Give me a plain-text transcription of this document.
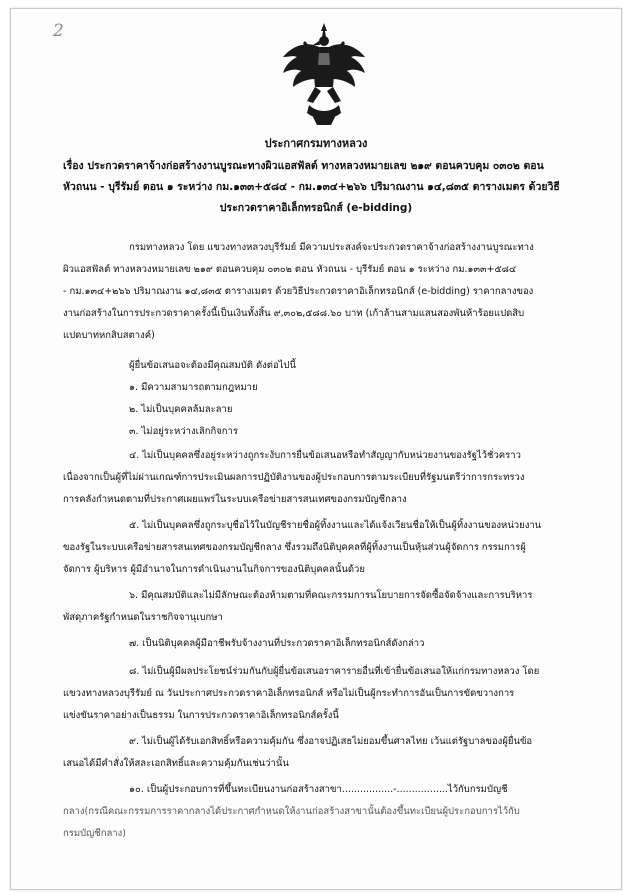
2
ประกาศกรมทางหลวง
เรื่อง ประกวดราคาจ้างก่อสร้างงานบูรณะทางผิวแอสฟัลต์ ทางหลวงหมายเลข ๒๑๙ ตอนควบคุม ๐๓๐๒ ตอน
หัวถนน - บุรีรัมย์ ตอน ๑ ระหว่าง กม.๑๓๓+๕๘๔ - กม.๑๓๔+๒๖๖ ปริมาณงาน ๑๔,๘๓๕ ตารางเมตร ด้วยวิธี
ประกวดราคาอิเล็กทรอนิกส์ (e-bidding)
กรมทางหลวง โดย แขวงทางหลวงบุรีรัมย์ มีความประสงค์จะประกวดราคาจ้างก่อสร้างงานบูรณะทาง
ผิวแอสฟัลต์ ทางหลวงหมายเลข ๒๑๙ ตอนควบคุม ๐๓๐๒ ตอน หัวถนน - บุรีรัมย์ ตอน ๑ ระหว่าง กม.๑๓๓+๕๘๔
- กม.๑๓๔+๒๖๖ ปริมาณงาน ๑๔,๘๓๕ ตารางเมตร ด้วยวิธีประกวดราคาอิเล็กทรอนิกส์ (e-bidding) ราคากลางของ
งานก่อสร้างในการประกวดราคาครั้งนี้เป็นเงินทั้งสิ้น ๙,๓๐๒,๕๘๘.๖๐ บาท (เก้าล้านสามแสนสองพันห้าร้อยแปดสิบ
แปดบาทหกสิบสตางค์)
ผู้ยื่นข้อเสนอจะต้องมีคุณสมบัติ ดังต่อไปนี้
๑. มีความสามารถตามกฎหมาย
๒. ไม่เป็นบุคคลล้มละลาย
๓. ไม่อยู่ระหว่างเลิกกิจการ
๔. ไม่เป็นบุคคลซึ่งอยู่ระหว่างถูกระงับการยื่นข้อเสนอหรือทำสัญญากับหน่วยงานของรัฐไว้ชั่วคราว
เนื่องจากเป็นผู้ที่ไม่ผ่านเกณฑ์การประเมินผลการปฏิบัติงานของผู้ประกอบการตามระเบียบที่รัฐมนตรีว่าการกระทรวง
การคลังกำหนดตามที่ประกาศเผยแพร่ในระบบเครือข่ายสารสนเทศของกรมบัญชีกลาง
๕. ไม่เป็นบุคคลซึ่งถูกระบุชื่อไว้ในบัญชีรายชื่อผู้ทิ้งงานและได้แจ้งเวียนชื่อให้เป็นผู้ทิ้งงานของหน่วยงาน
ของรัฐในระบบเครือข่ายสารสนเทศของกรมบัญชีกลาง ซึ่งรวมถึงนิติบุคคลที่ผู้ทิ้งงานเป็นหุ้นส่วนผู้จัดการ กรรมการผู้
จัดการ ผู้บริหาร ผู้มีอำนาจในการดำเนินงานในกิจการของนิติบุคคลนั้นด้วย
๖. มีคุณสมบัติและไม่มีลักษณะต้องห้ามตามที่คณะกรรมการนโยบายการจัดซื้อจัดจ้างและการบริหาร
พัสดุภาครัฐกำหนดในราชกิจจานุเบกษา
๗. เป็นนิติบุคคลผู้มีอาชีพรับจ้างงานที่ประกวดราคาอิเล็กทรอนิกส์ดังกล่าว
๘. ไม่เป็นผู้มีผลประโยชน์ร่วมกันกับผู้ยื่นข้อเสนอราคารายอื่นที่เข้ายื่นข้อเสนอให้แก่กรมทางหลวง โดย
แขวงทางหลวงบุรีรัมย์ ณ วันประกาศประกวดราคาอิเล็กทรอนิกส์ หรือไม่เป็นผู้กระทำการอันเป็นการขัดขวางการ
แข่งขันราคาอย่างเป็นธรรม ในการประกวดราคาอิเล็กทรอนิกส์ครั้งนี้
๙. ไม่เป็นผู้ได้รับเอกสิทธิ์หรือความคุ้มกัน ซึ่งอาจปฏิเสธไม่ยอมขึ้นศาลไทย เว้นแต่รัฐบาลของผู้ยื่นข้อ
เสนอได้มีคำสั่งให้สละเอกสิทธิ์และความคุ้มกันเช่นว่านั้น
๑๐. เป็นผู้ประกอบการที่ขึ้นทะเบียนงานก่อสร้างสาขา.................-.................ไว้กับกรมบัญชี
กลาง(กรณีคณะกรรมการราคากลางได้ประกาศกำหนดให้งานก่อสร้างสาขานั้นต้องขึ้นทะเบียนผู้ประกอบการไว้กับ
กรมบัญชีกลาง)
